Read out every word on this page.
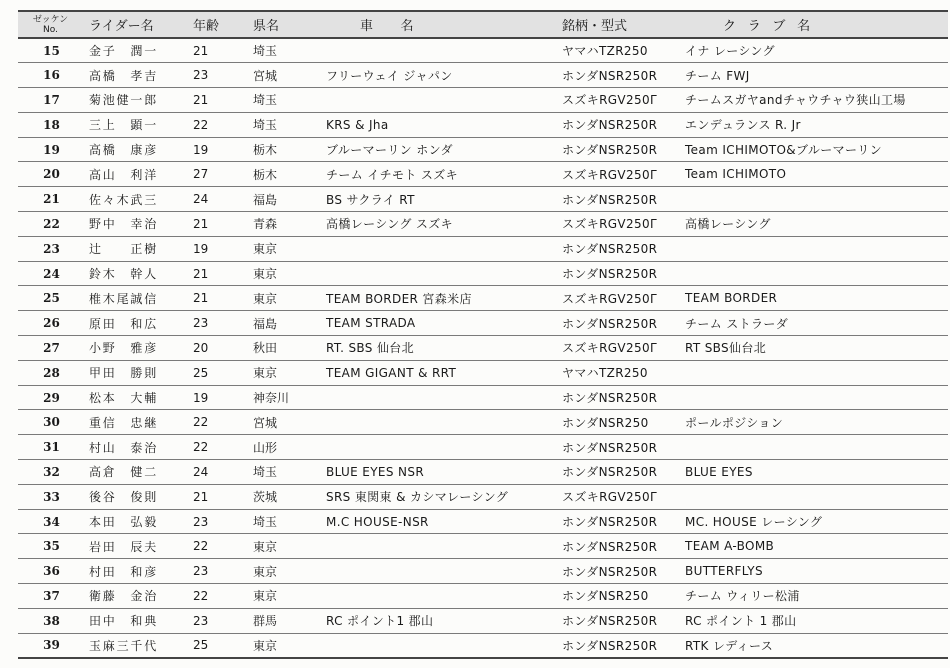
ゼッケン
No.	ライダー名	年齢	県名	車 名	銘柄・型式	クラブ名
15	金子　潤一	21	埼玉		ヤマハTZR250	イナ レーシング
16	高橋　孝吉	23	宮城	フリーウェイ ジャパン	ホンダNSR250R	チーム FWJ
17	菊池健一郎	21	埼玉		スズキRGV250Γ	チームスガヤandチャウチャウ狭山工場
18	三上　顕一	22	埼玉	KRS & Jha	ホンダNSR250R	エンデュランス R. Jr
19	高橋　康彦	19	栃木	ブルーマーリン ホンダ	ホンダNSR250R	Team ICHIMOTO&ブルーマーリン
20	高山　利洋	27	栃木	チーム イチモト スズキ	スズキRGV250Γ	Team ICHIMOTO
21	佐々木武三	24	福島	BS サクライ RT	ホンダNSR250R	
22	野中　幸治	21	青森	高橋レーシング スズキ	スズキRGV250Γ	高橋レーシング
23	辻　　正樹	19	東京		ホンダNSR250R	
24	鈴木　幹人	21	東京		ホンダNSR250R	
25	椎木尾誠信	21	東京	TEAM BORDER 宮森米店	スズキRGV250Γ	TEAM BORDER
26	原田　和広	23	福島	TEAM STRADA	ホンダNSR250R	チーム ストラーダ
27	小野　雅彦	20	秋田	RT. SBS 仙台北	スズキRGV250Γ	RT SBS仙台北
28	甲田　勝則	25	東京	TEAM GIGANT & RRT	ヤマハTZR250	
29	松本　大輔	19	神奈川		ホンダNSR250R	
30	重信　忠継	22	宮城		ホンダNSR250	ポールポジション
31	村山　泰治	22	山形		ホンダNSR250R	
32	高倉　健二	24	埼玉	BLUE EYES NSR	ホンダNSR250R	BLUE EYES
33	後谷　俊則	21	茨城	SRS 東関東 & カシマレーシング	スズキRGV250Γ	
34	本田　弘毅	23	埼玉	M.C HOUSE-NSR	ホンダNSR250R	MC. HOUSE レーシング
35	岩田　辰夫	22	東京		ホンダNSR250R	TEAM A-BOMB
36	村田　和彦	23	東京		ホンダNSR250R	BUTTERFLYS
37	衛藤　金治	22	東京		ホンダNSR250	チーム ウィリー松浦
38	田中　和典	23	群馬	RC ポイント1 郡山	ホンダNSR250R	RC ポイント 1 郡山
39	玉麻三千代	25	東京		ホンダNSR250R	RTK レディース
